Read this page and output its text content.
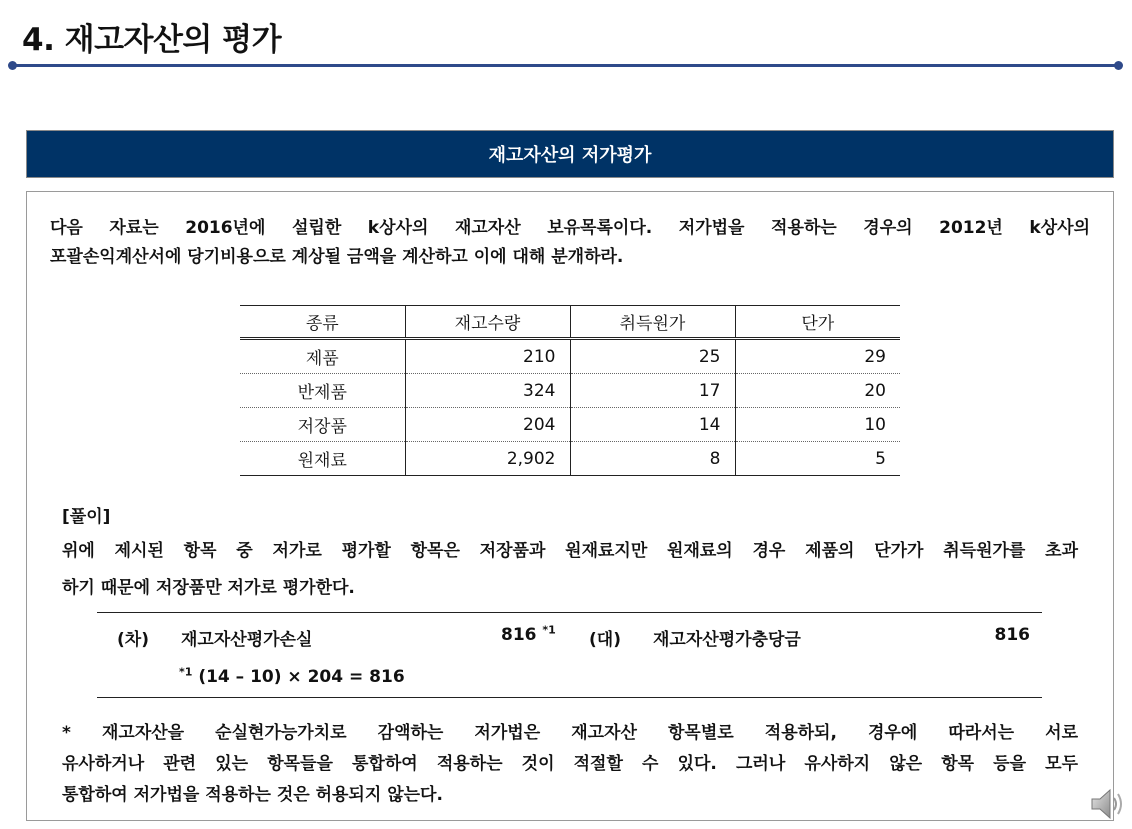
4. 재고자산의 평가
재고자산의 저가평가
다음 자료는 2016년에 설립한 k상사의 재고자산 보유목록이다. 저가법을 적용하는 경우의 2012년 k상사의
포괄손익계산서에 당기비용으로 계상될 금액을 계산하고 이에 대해 분개하라.
종류	재고수량	취득원가	단가
제품	210	25	29
반제품	324	17	20
저장품	204	14	10
원재료	2,902	8	5
[풀이]
위에 제시된 항목 중 저가로 평가할 항목은 저장품과 원재료지만 원재료의 경우 제품의 단가가 취득원가를 초과
하기 때문에 저장품만 저가로 평가한다.
(차) 재고자산평가손실	816 $^{*1}$
(대) 재고자산평가충당금	816
$^{*1}$ (14 – 10) × 204 = 816
* 재고자산을 순실현가능가치로 감액하는 저가법은 재고자산 항목별로 적용하되, 경우에 따라서는 서로
유사하거나 관련 있는 항목들을 통합하여 적용하는 것이 적절할 수 있다. 그러나 유사하지 않은 항목 등을 모두
통합하여 저가법을 적용하는 것은 허용되지 않는다.
